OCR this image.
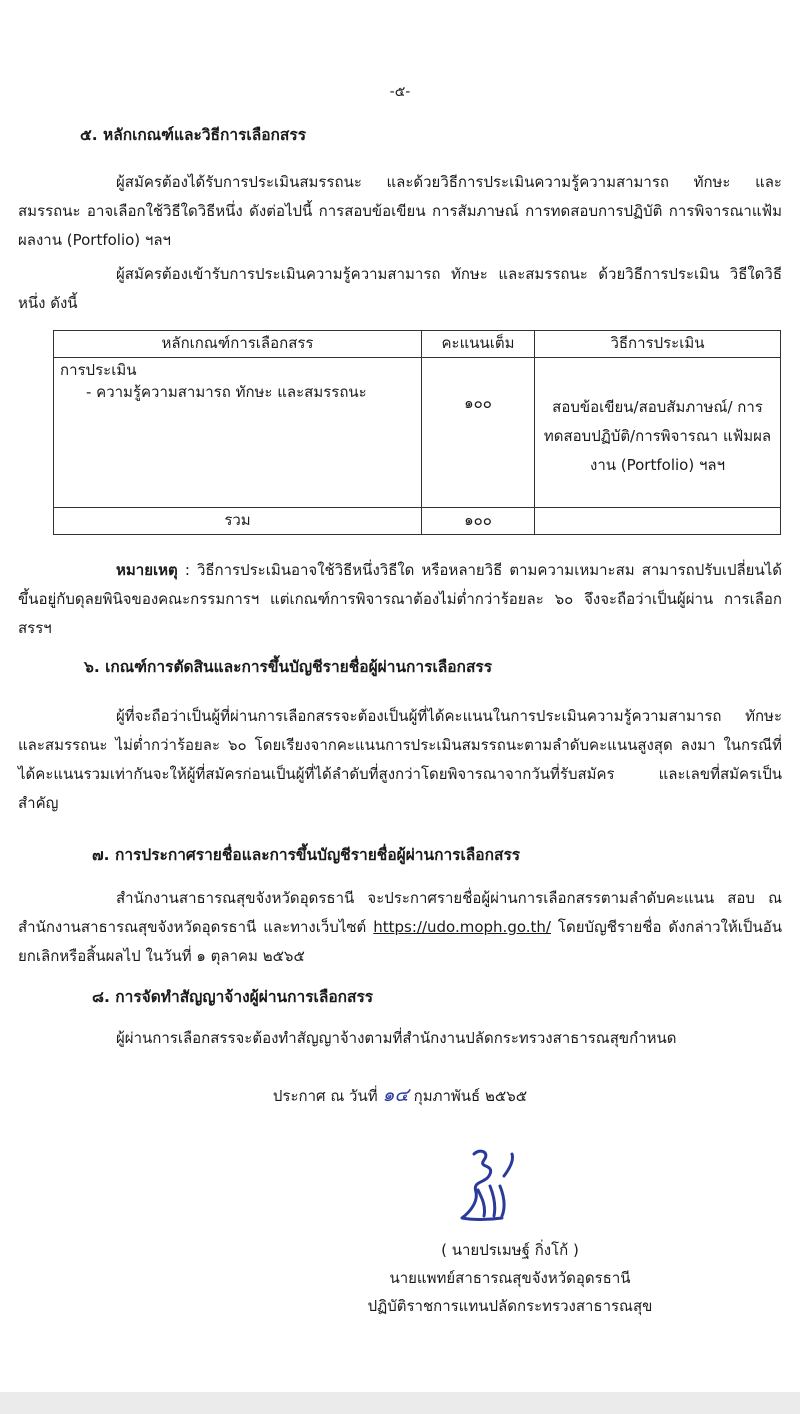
-๕-
๕. หลักเกณฑ์และวิธีการเลือกสรร
ผู้สมัครต้องได้รับการประเมินสมรรถนะ และด้วยวิธีการประเมินความรู้ความสามารถ ทักษะ และสมรรถนะ อาจเลือกใช้วิธีใดวิธีหนึ่ง ดังต่อไปนี้ การสอบข้อเขียน การสัมภาษณ์ การทดสอบการปฏิบัติ การพิจารณาแฟ้มผลงาน (Portfolio) ฯลฯ
ผู้สมัครต้องเข้ารับการประเมินความรู้ความสามารถ ทักษะ และสมรรถนะ ด้วยวิธีการประเมิน วิธีใดวิธีหนึ่ง ดังนี้
หลักเกณฑ์การเลือกสรร	คะแนนเต็ม	วิธีการประเมิน

การประเมิน
- ความรู้ความสามารถ ทักษะ และสมรรถนะ	๑๐๐	สอบข้อเขียน/สอบสัมภาษณ์/ การทดสอบปฏิบัติ/การพิจารณา แฟ้มผลงาน (Portfolio) ฯลฯ
รวม	๑๐๐	
หมายเหตุ : วิธีการประเมินอาจใช้วิธีหนึ่งวิธีใด หรือหลายวิธี ตามความเหมาะสม สามารถปรับเปลี่ยนได้ ขึ้นอยู่กับดุลยพินิจของคณะกรรมการฯ แต่เกณฑ์การพิจารณาต้องไม่ต่ำกว่าร้อยละ ๖๐ จึงจะถือว่าเป็นผู้ผ่าน การเลือกสรรฯ
๖. เกณฑ์การตัดสินและการขึ้นบัญชีรายชื่อผู้ผ่านการเลือกสรร
ผู้ที่จะถือว่าเป็นผู้ที่ผ่านการเลือกสรรจะต้องเป็นผู้ที่ได้คะแนนในการประเมินความรู้ความสามารถ ทักษะ และสมรรถนะ ไม่ต่ำกว่าร้อยละ ๖๐ โดยเรียงจากคะแนนการประเมินสมรรถนะตามลำดับคะแนนสูงสุด ลงมา ในกรณีที่ได้คะแนนรวมเท่ากันจะให้ผู้ที่สมัครก่อนเป็นผู้ที่ได้ลำดับที่สูงกว่าโดยพิจารณาจากวันที่รับสมัคร และเลขที่สมัครเป็นสำคัญ
๗. การประกาศรายชื่อและการขึ้นบัญชีรายชื่อผู้ผ่านการเลือกสรร
สำนักงานสาธารณสุขจังหวัดอุดรธานี จะประกาศรายชื่อผู้ผ่านการเลือกสรรตามลำดับคะแนน สอบ ณ สำนักงานสาธารณสุขจังหวัดอุดรธานี และทางเว็บไซต์ https://udo.moph.go.th/ โดยบัญชีรายชื่อ ดังกล่าวให้เป็นอันยกเลิกหรือสิ้นผลไป ในวันที่ ๑ ตุลาคม ๒๕๖๕
๘. การจัดทำสัญญาจ้างผู้ผ่านการเลือกสรร
ผู้ผ่านการเลือกสรรจะต้องทำสัญญาจ้างตามที่สำนักงานปลัดกระทรวงสาธารณสุขกำหนด
ประกาศ ณ วันที่ ๑๔ กุมภาพันธ์ ๒๕๖๕
( นายปรเมษฐ์ กิ่งโก้ )
นายแพทย์สาธารณสุขจังหวัดอุดรธานี
ปฏิบัติราชการแทนปลัดกระทรวงสาธารณสุข
